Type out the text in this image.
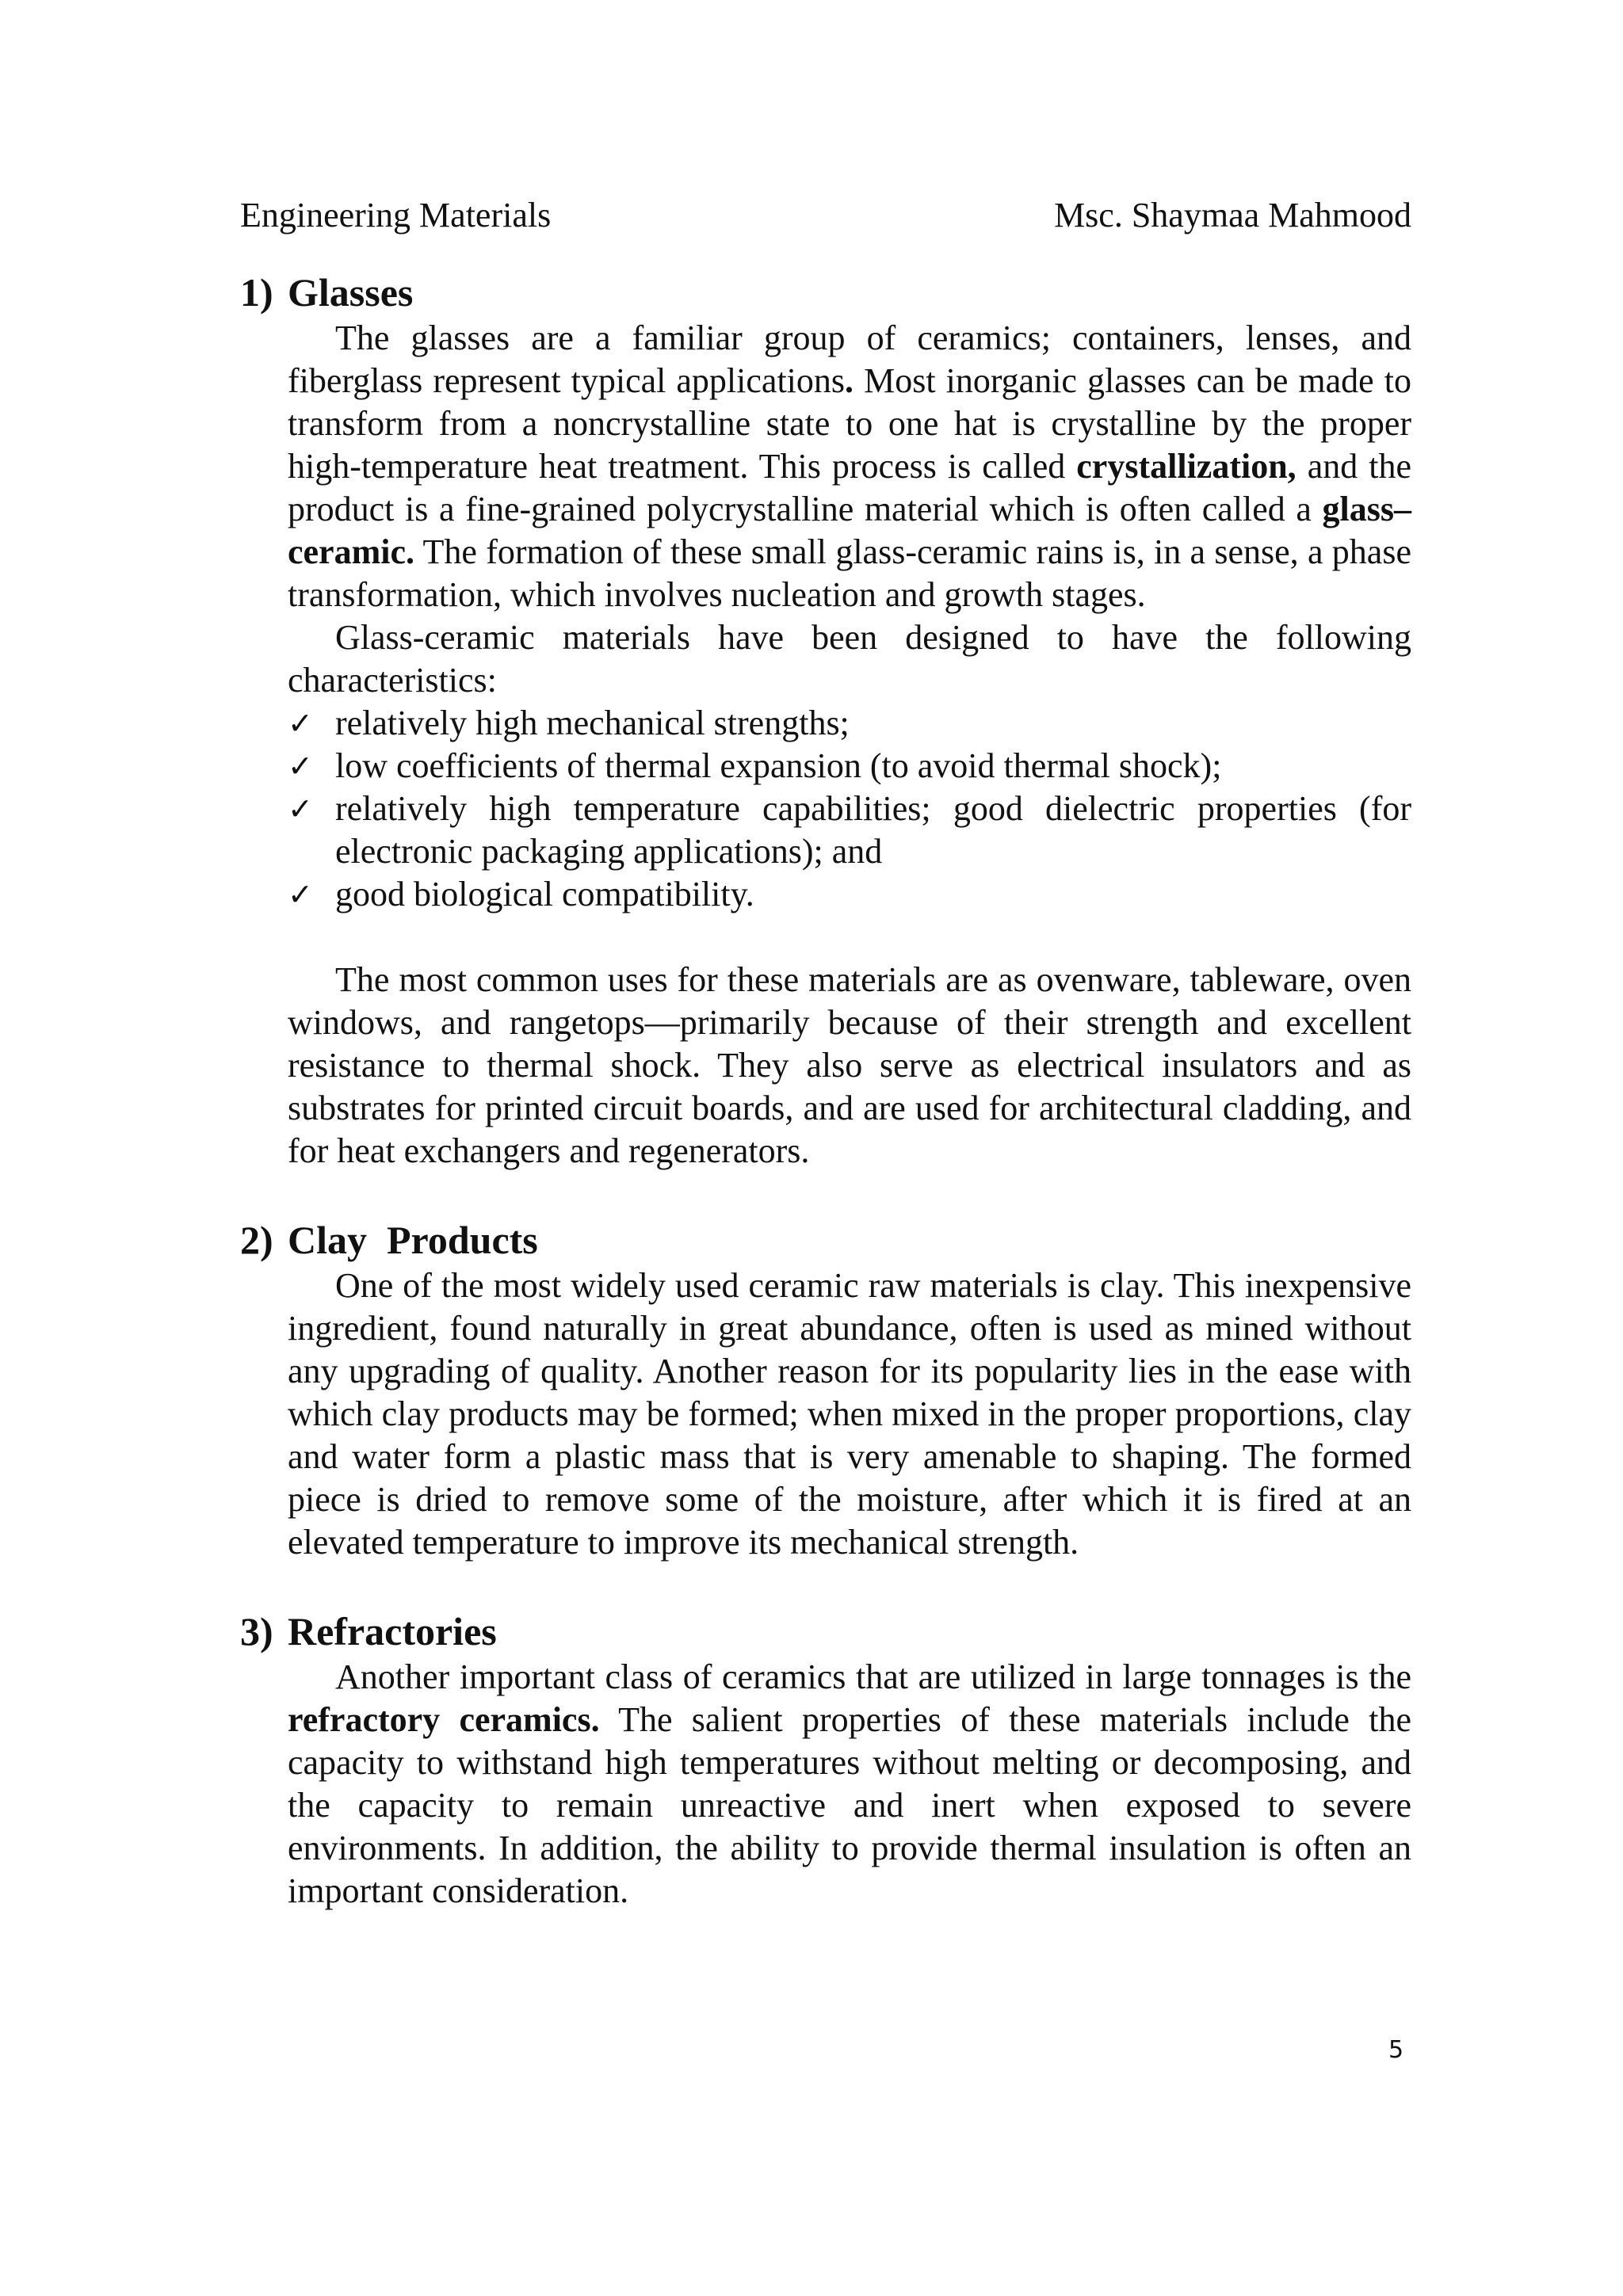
Engineering Materials	Msc. Shaymaa Mahmood
1) Glasses

The glasses are a familiar group of ceramics; containers, lenses, and fiberglass represent typical applications. Most inorganic glasses can be made to transform from a noncrystalline state to one hat is crystalline by the proper high-temperature heat treatment. This process is called crystallization, and the product is a fine-grained polycrystalline material which is often called a glass–ceramic. The formation of these small glass-ceramic rains is, in a sense, a phase transformation, which involves nucleation and growth stages.

Glass-ceramic materials have been designed to have the following characteristics:

✓ relatively high mechanical strengths;
✓ low coefficients of thermal expansion (to avoid thermal shock);
✓ relatively high temperature capabilities; good dielectric properties (for electronic packaging applications); and
✓ good biological compatibility.

The most common uses for these materials are as ovenware, tableware, oven windows, and rangetops—primarily because of their strength and excellent resistance to thermal shock. They also serve as electrical insulators and as substrates for printed circuit boards, and are used for architectural cladding, and for heat exchangers and regenerators.

2) Clay  Products

One of the most widely used ceramic raw materials is clay. This inexpensive ingredient, found naturally in great abundance, often is used as mined without any upgrading of quality. Another reason for its popularity lies in the ease with which clay products may be formed; when mixed in the proper proportions, clay and water form a plastic mass that is very amenable to shaping. The formed piece is dried to remove some of the moisture, after which it is fired at an elevated temperature to improve its mechanical strength.

3) Refractories

Another important class of ceramics that are utilized in large tonnages is the refractory ceramics. The salient properties of these materials include the capacity to withstand high temperatures without melting or decomposing, and the capacity to remain unreactive and inert when exposed to severe environments. In addition, the ability to provide thermal insulation is often an important consideration.

5
